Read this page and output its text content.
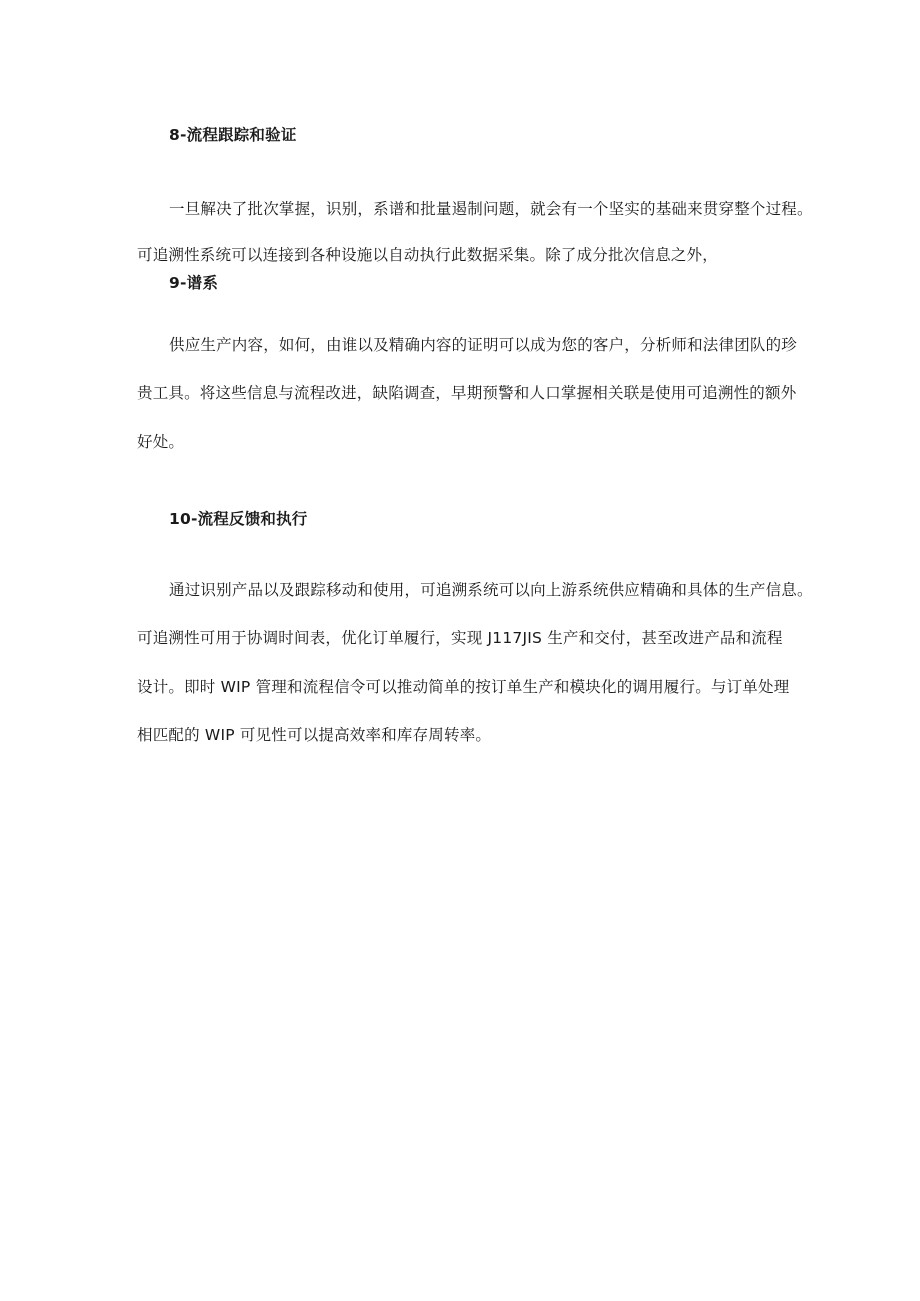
8-流程跟踪和验证
一旦解决了批次掌握，识别，系谱和批量遏制问题，就会有一个坚实的基础来贯穿整个过程。
可追溯性系统可以连接到各种设施以自动执行此数据采集。除了成分批次信息之外，
9-谱系
供应生产内容，如何，由谁以及精确内容的证明可以成为您的客户，分析师和法律团队的珍
贵工具。将这些信息与流程改进，缺陷调查，早期预警和人口掌握相关联是使用可追溯性的额外
好处。
10-流程反馈和执行
通过识别产品以及跟踪移动和使用，可追溯系统可以向上游系统供应精确和具体的生产信息。
可追溯性可用于协调时间表，优化订单履行，实现 J117JIS 生产和交付，甚至改进产品和流程
设计。即时 WIP 管理和流程信令可以推动简单的按订单生产和模块化的调用履行。与订单处理
相匹配的 WIP 可见性可以提高效率和库存周转率。
